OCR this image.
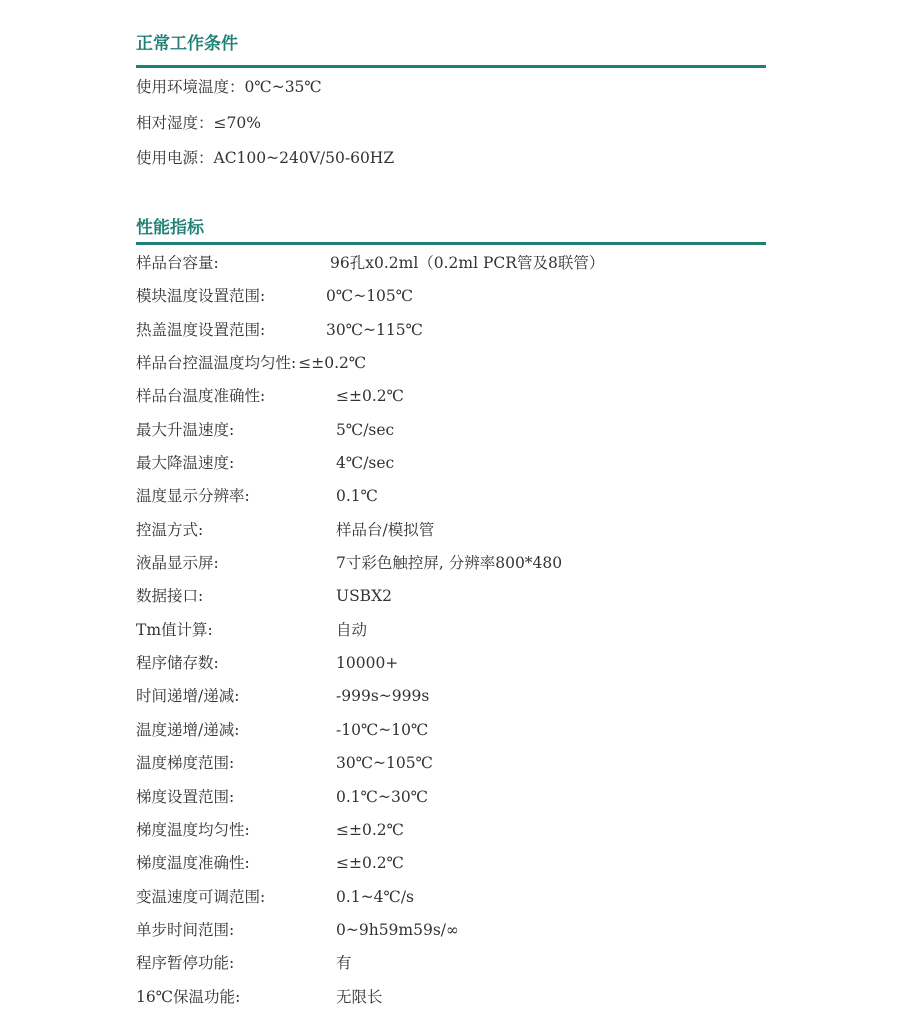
正常工作条件
使用环境温度：0℃~35℃
相对湿度：≤70%
使用电源：AC100~240V/50-60HZ
性能指标
样品台容量:	96孔x0.2ml（0.2ml PCR管及8联管）
模块温度设置范围:	0℃~105℃
热盖温度设置范围:	30℃~115℃
样品台控温温度均匀性: ≤±0.2℃
样品台温度准确性:	≤±0.2℃
最大升温速度:	5℃/sec
最大降温速度:	4℃/sec
温度显示分辨率:	0.1℃
控温方式:	样品台/模拟管
液晶显示屏:	7寸彩色触控屏, 分辨率800*480
数据接口:	USBX2
Tm值计算:	自动
程序储存数:	10000+
时间递增/递减:	-999s~999s
温度递增/递减:	-10℃~10℃
温度梯度范围:	30℃~105℃
梯度设置范围:	0.1℃~30℃
梯度温度均匀性:	≤±0.2℃
梯度温度准确性:	≤±0.2℃
变温速度可调范围:	0.1~4℃/s
单步时间范围:	0~9h59m59s/∞
程序暂停功能:	有
16℃保温功能:	无限长
